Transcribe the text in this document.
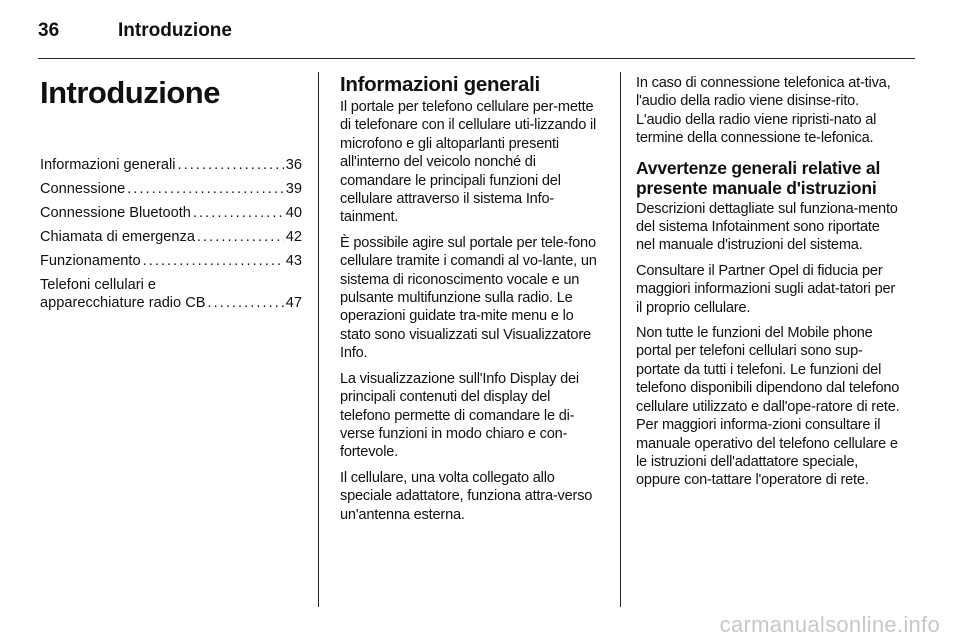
36	Introduzione
Introduzione
Informazioni generali . . .	36
Connessione . . .	39
Connessione Bluetooth . . .	40
Chiamata di emergenza . . .	42
Funzionamento . . .	43
Telefoni cellulari e
apparecchiature radio CB . . .	47
Informazioni generali

Il portale per telefono cellulare per-mette di telefonare con il cellulare uti-lizzando il microfono e gli altoparlanti presenti all'interno del veicolo nonché di comandare le principali funzioni del cellulare attraverso il sistema Info-tainment.

È possibile agire sul portale per tele-fono cellulare tramite i comandi al vo-lante, un sistema di riconoscimento vocale e un pulsante multifunzione sulla radio. Le operazioni guidate tra-mite menu e lo stato sono visualizzati sul Visualizzatore Info.

La visualizzazione sull'Info Display dei principali contenuti del display del telefono permette di comandare le di-verse funzioni in modo chiaro e con-fortevole.

Il cellulare, una volta collegato allo speciale adattatore, funziona attra-verso un'antenna esterna.

In caso di connessione telefonica at-tiva, l'audio della radio viene disinse-rito. L'audio della radio viene ripristi-nato al termine della connessione te-lefonica.

Avvertenze generali relative al presente manuale d'istruzioni

Descrizioni dettagliate sul funziona-mento del sistema Infotainment sono riportate nel manuale d'istruzioni del sistema.

Consultare il Partner Opel di fiducia per maggiori informazioni sugli adat-tatori per il proprio cellulare.

Non tutte le funzioni del Mobile phone portal per telefoni cellulari sono sup-portate da tutti i telefoni. Le funzioni del telefono disponibili dipendono dal telefono cellulare utilizzato e dall'ope-ratore di rete. Per maggiori informa-zioni consultare il manuale operativo del telefono cellulare e le istruzioni dell'adattatore speciale, oppure con-tattare l'operatore di rete.

carmanualsonline.info
